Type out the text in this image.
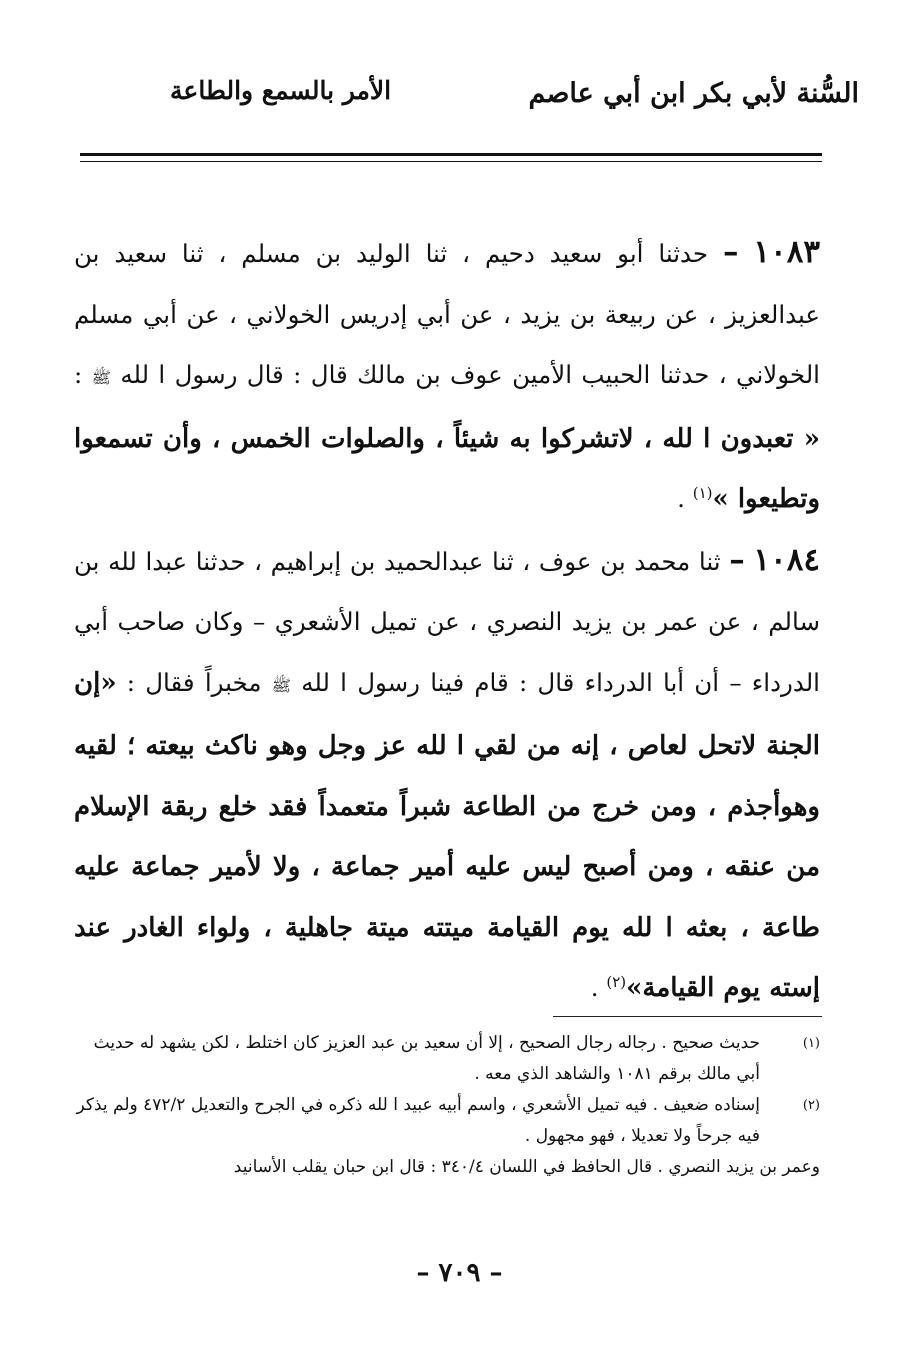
السُّنة لأبي بكر ابن أبي عاصم
الأمر بالسمع والطاعة

١٠٨٣ – حدثنا أبو سعيد دحيم ، ثنا الوليد بن مسلم ، ثنا سعيد بن عبدالعزيز ، عن ربيعة بن يزيد ، عن أبي إدريس الخولاني ، عن أبي مسلم الخولاني ، حدثنا الحبيب الأمين عوف بن مالك قال : قال رسول ا لله ﷺ : « تعبدون ا لله ، لاتشركوا به شيئاً ، والصلوات الخمس ، وأن تسمعوا وتطيعوا »$^{(١)}$ .

١٠٨٤ – ثنا محمد بن عوف ، ثنا عبدالحميد بن إبراهيم ، حدثنا عبدا لله بن سالم ، عن عمر بن يزيد النصري ، عن تميل الأشعري – وكان صاحب أبي الدرداء – أن أبا الدرداء قال : قام فينا رسول ا لله ﷺ مخبراً فقال : «إن الجنة لاتحل لعاص ، إنه من لقي ا لله عز وجل وهو ناكث بيعته ؛ لقيه وهوأجذم ، ومن خرج من الطاعة شبراً متعمداً فقد خلع ربقة الإسلام من عنقه ، ومن أصبح ليس عليه أمير جماعة ، ولا لأمير جماعة عليه طاعة ، بعثه ا لله يوم القيامة ميتته ميتة جاهلية ، ولواء الغادر عند إسته يوم القيامة»$^{(٢)}$ .

(١)
حديث صحيح . رجاله رجال الصحيح ، إلا أن سعيد بن عبد العزيز كان اختلط ، لكن يشهد له حديث أبي مالك برقم ١٠٨١ والشاهد الذي معه .
(٢)
إسناده ضعيف . فيه تميل الأشعري ، واسم أبيه عبيد ا لله ذكره في الجرح والتعديل ٤٧٢/٢ ولم يذكر فيه جرحاً ولا تعديلا ، فهو مجهول .
وعمر بن يزيد النصري . قال الحافظ في اللسان ٣٤٠/٤ : قال ابن حبان يقلب الأسانيد
– ٧٠٩ –
